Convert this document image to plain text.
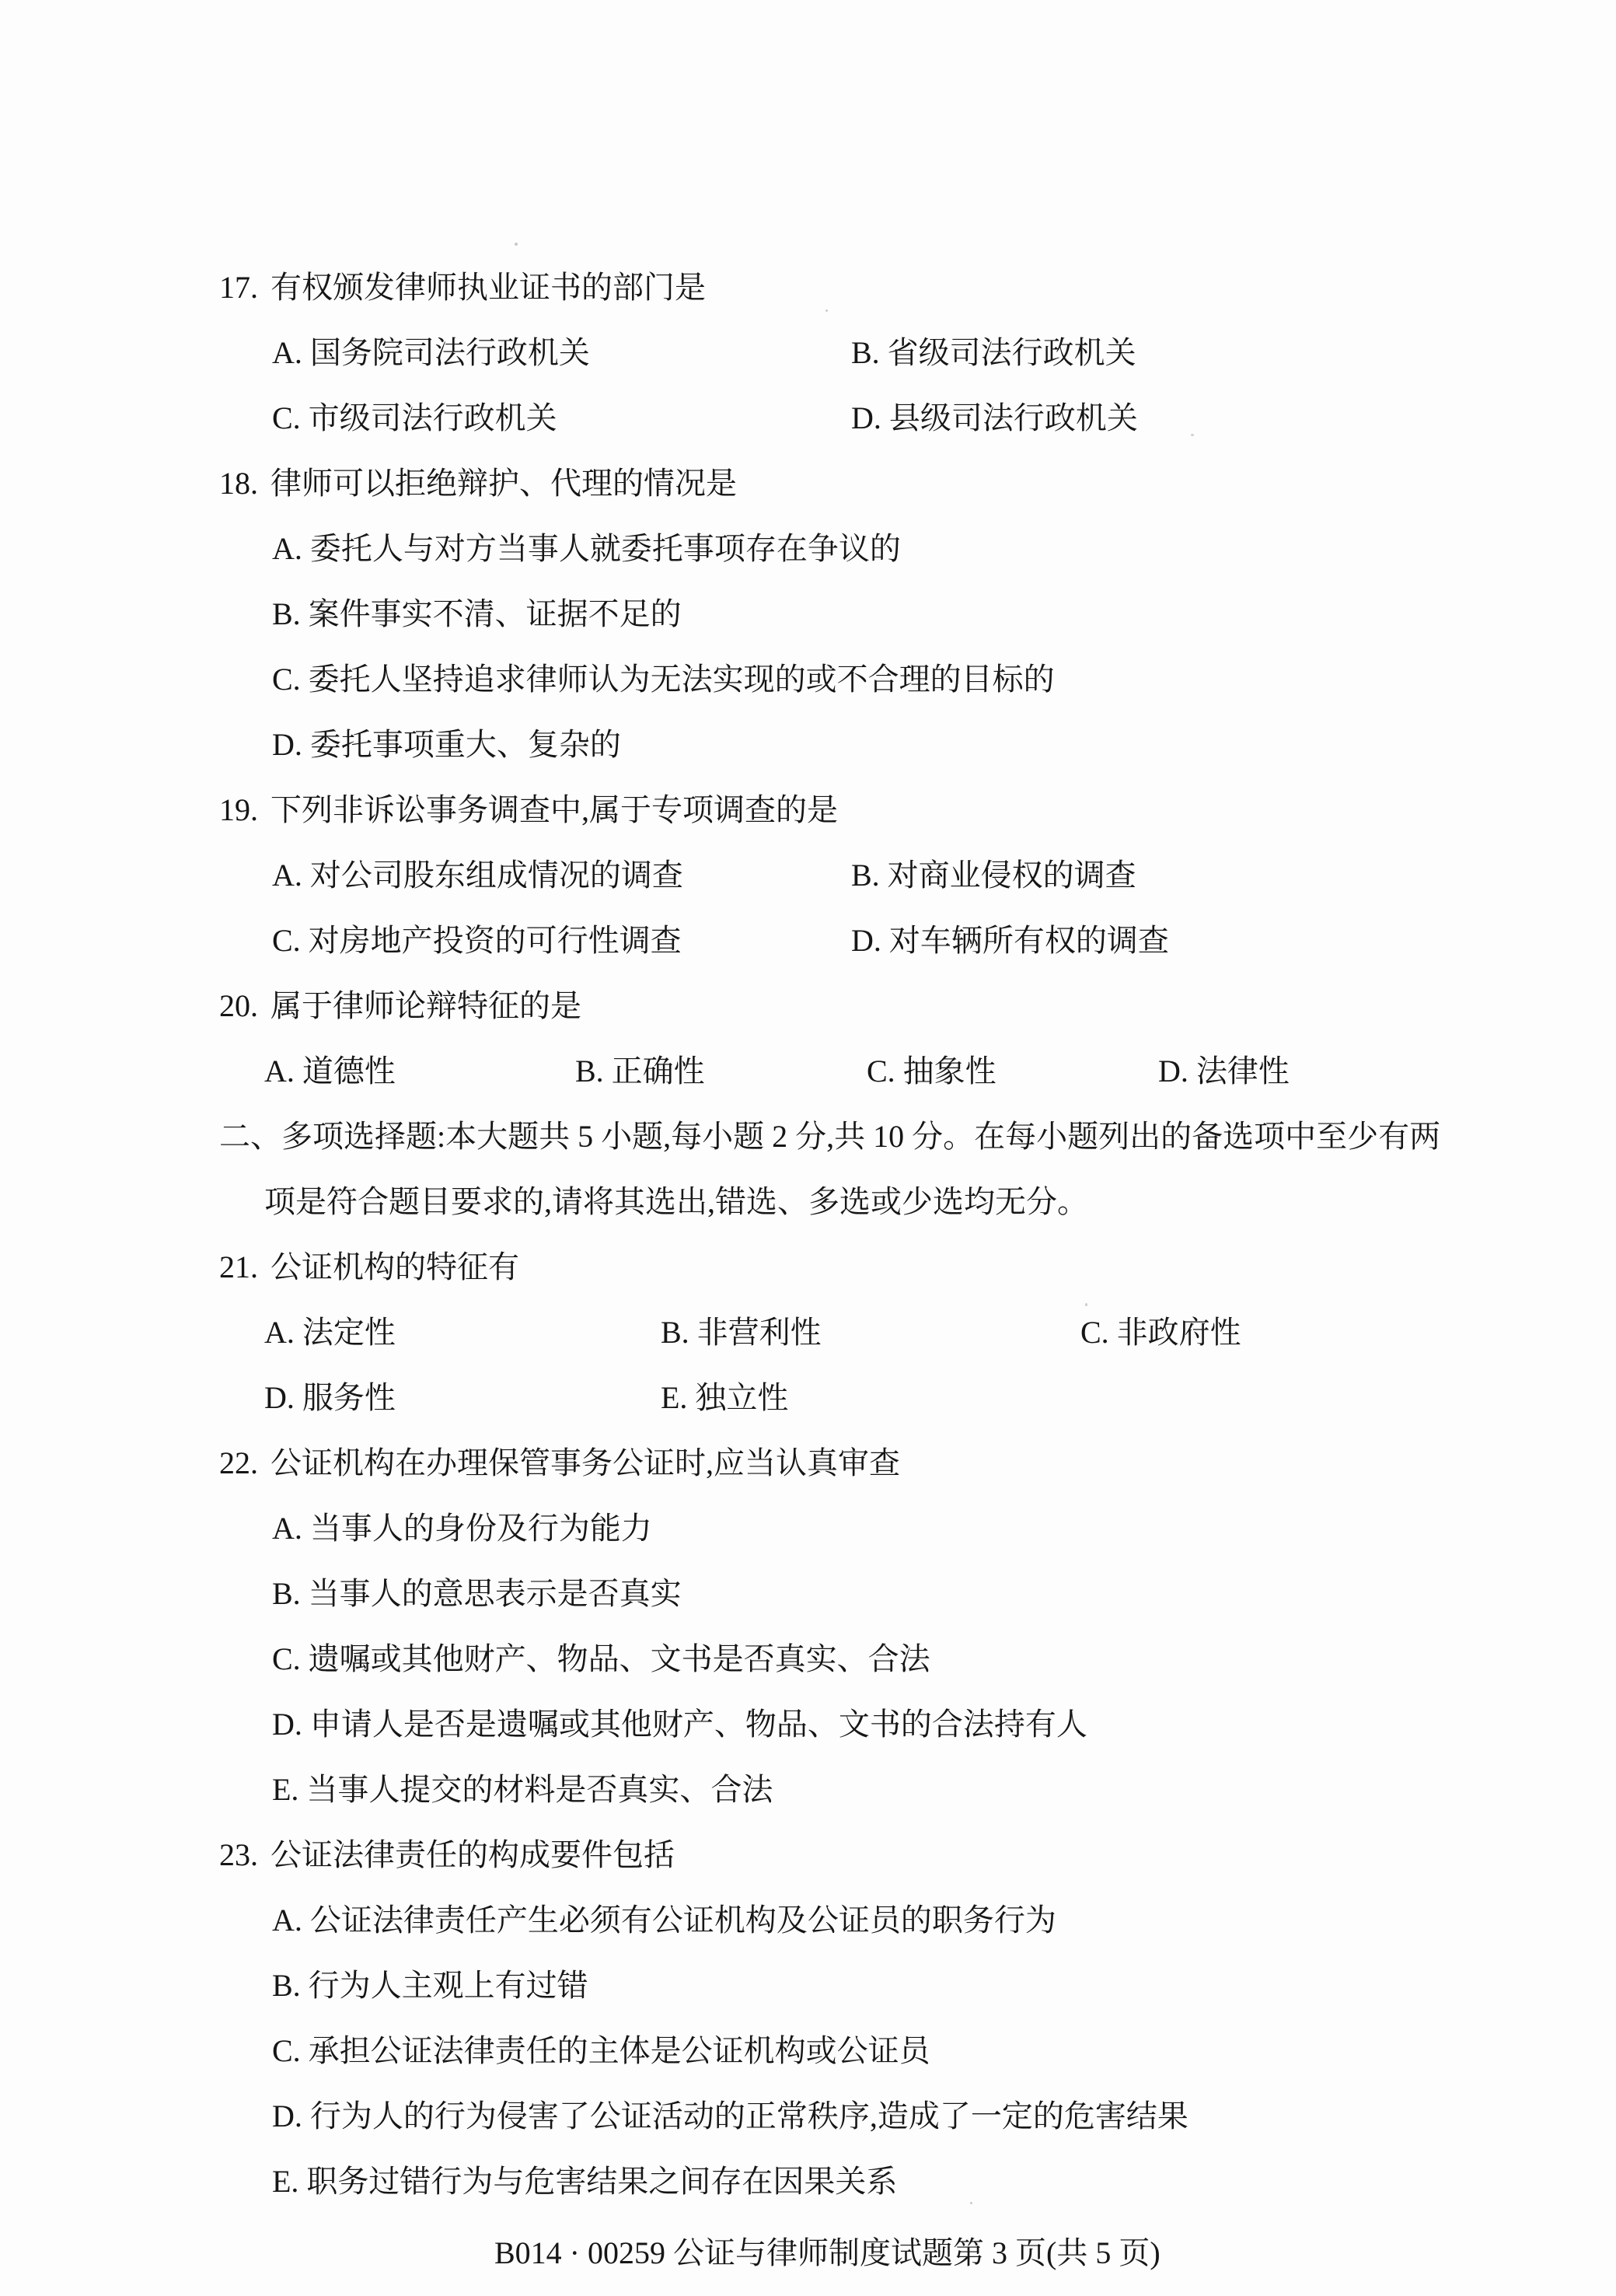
17. 有权颁发律师执业证书的部门是
A. 国务院司法行政机关	B. 省级司法行政机关
C. 市级司法行政机关	D. 县级司法行政机关
18. 律师可以拒绝辩护、代理的情况是
A. 委托人与对方当事人就委托事项存在争议的
B. 案件事实不清、证据不足的
C. 委托人坚持追求律师认为无法实现的或不合理的目标的
D. 委托事项重大、复杂的
19. 下列非诉讼事务调查中,属于专项调查的是
A. 对公司股东组成情况的调查	B. 对商业侵权的调查
C. 对房地产投资的可行性调查	D. 对车辆所有权的调查
20. 属于律师论辩特征的是
A. 道德性	B. 正确性	C. 抽象性	D. 法律性
二、多项选择题:本大题共 5 小题,每小题 2 分,共 10 分。在每小题列出的备选项中至少有两
项是符合题目要求的,请将其选出,错选、多选或少选均无分。
21. 公证机构的特征有
A. 法定性	B. 非营利性	C. 非政府性
D. 服务性	E. 独立性
22. 公证机构在办理保管事务公证时,应当认真审查
A. 当事人的身份及行为能力
B. 当事人的意思表示是否真实
C. 遗嘱或其他财产、物品、文书是否真实、合法
D. 申请人是否是遗嘱或其他财产、物品、文书的合法持有人
E. 当事人提交的材料是否真实、合法
23. 公证法律责任的构成要件包括
A. 公证法律责任产生必须有公证机构及公证员的职务行为
B. 行为人主观上有过错
C. 承担公证法律责任的主体是公证机构或公证员
D. 行为人的行为侵害了公证活动的正常秩序,造成了一定的危害结果
E. 职务过错行为与危害结果之间存在因果关系
B014 · 00259 公证与律师制度试题第 3 页(共 5 页)
